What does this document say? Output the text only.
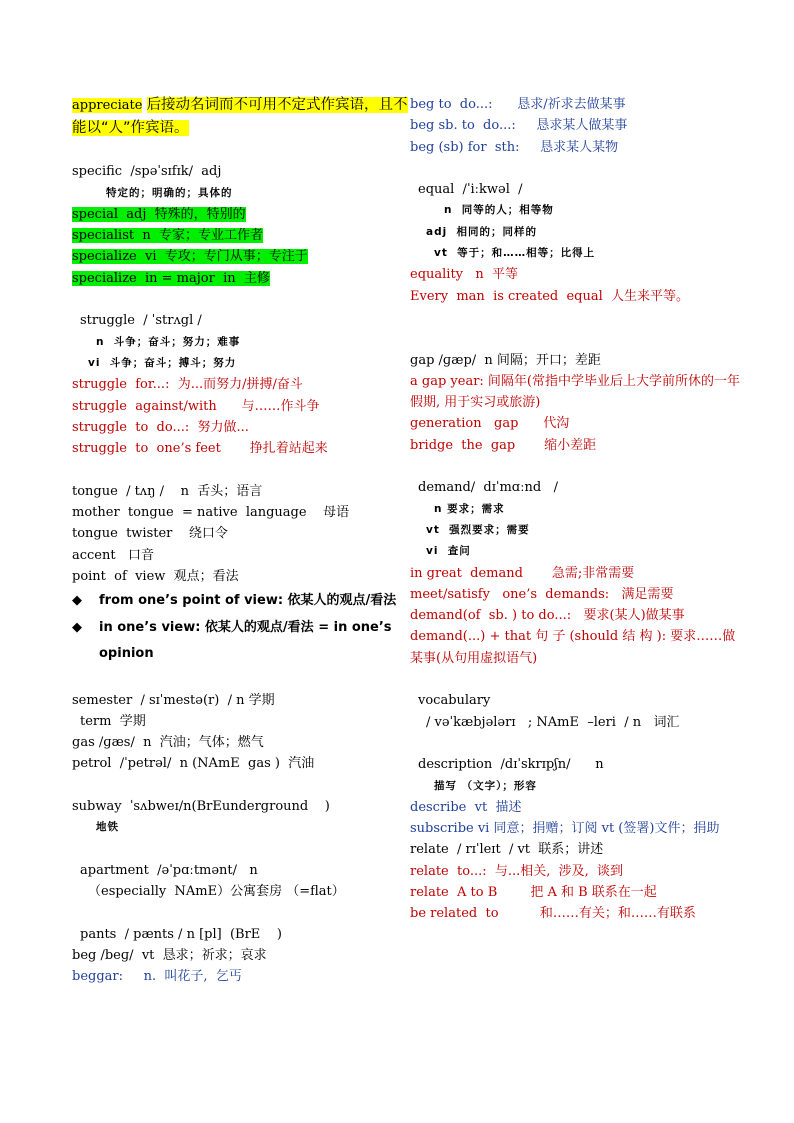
appreciate 后接动名词而不可用不定式作宾语，且不能以“人”作宾语。
specific  /spəˈsɪfɪk/  adj
特定的；明确的；具体的
special  adj  特殊的，特别的
specialist  n  专家；专业工作者
specialize  vi  专攻；专门从事；专注于
specialize  in = major  in  主修
struggle  / ˈstrʌgl /
n  斗争；奋斗；努力；难事
vi  斗争；奋斗；搏斗；努力
struggle  for...:  为...而努力/拼搏/奋斗
struggle  against/with      与……作斗争
struggle  to  do...:  努力做...
struggle  to  one’s feet       挣扎着站起来
tongue  / tʌŋ /    n  舌头；语言
mother  tongue  = native  language    母语
tongue  twister    绕口令
accent   口音
point  of  view  观点；看法
◆	from one’s point of view: 依某人的观点/看法
◆	in one’s view: 依某人的观点/看法 = in one’s opinion
semester  / sɪˈmestə(r)  / n 学期
term  学期
gas /ɡæs/  n  汽油；气体；燃气
petrol  /ˈpetrəl/  n (NAmE  gas )  汽油
subway  ˈsʌbweɪ/n(BrEunderground    )
地铁
apartment  /əˈpɑːtmənt/   n
（especially  NAmE）公寓套房 （=flat）
pants  / pænts / n [pl]  (BrE    )
beg /beɡ/  vt  恳求；祈求；哀求
beggar:     n.  叫花子,  乞丐
beg to  do...:      恳求/祈求去做某事
beg sb. to  do...:     恳求某人做某事
beg (sb) for  sth:     恳求某人某物
equal  /ˈiːkwəl  /
n  同等的人；相等物
adj  相同的；同样的
vt  等于；和……相等；比得上
equality   n  平等
Every  man  is created  equal  人生来平等。
gap /ɡæp/  n 间隔；开口；差距
a gap year: 间隔年(常指中学毕业后上大学前所休的一年假期, 用于实习或旅游)
generation   gap      代沟
bridge  the  gap       缩小差距
demand/  dɪˈmɑːnd   /
n 要求；需求
vt  强烈要求；需要
vi  查问
in great  demand       急需;非常需要
meet/satisfy   one’s  demands:   满足需要
demand(of  sb. ) to do...:   要求(某人)做某事
demand(...) + that 句 子 (should 结 构 ): 要求……做某事(从句用虚拟语气)
vocabulary
/ vəˈkæbjələrɪ   ; NAmE  –leri  / n   词汇
description  /dɪˈskrɪpʃn/      n
描写 （文字）；形容
describe  vt  描述
subscribe vi 同意；捐赠；订阅 vt (签署)文件；捐助
relate  / rɪˈleɪt  / vt  联系；讲述
relate  to...:  与...相关,  涉及,  谈到
relate  A to B        把 A 和 B 联系在一起
be related  to          和……有关；和……有联系
